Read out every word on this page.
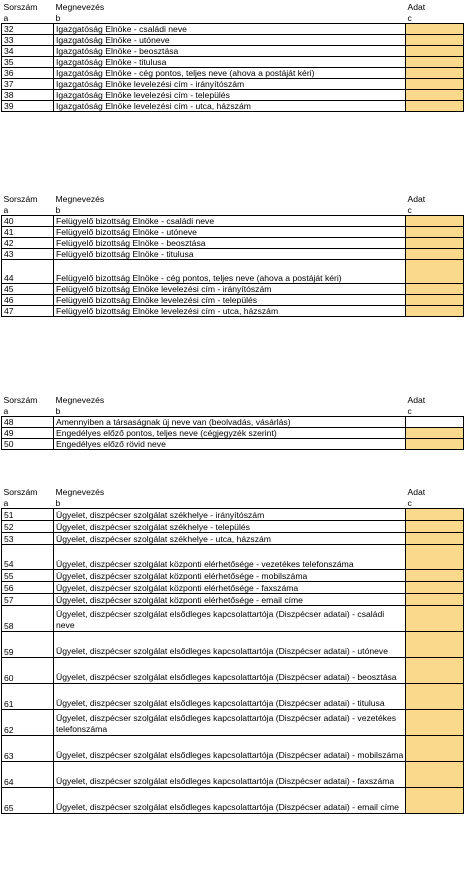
Sorszám	Megnevezés	Adat
a	b	c
32	Igazgatóság Elnöke - családi neve	
33	Igazgatóság Elnöke - utóneve	
34	Igazgatóság Elnöke - beosztása	
35	Igazgatóság Elnöke - titulusa	
36	Igazgatóság Elnöke - cég pontos, teljes neve (ahova a postáját kéri)	
37	Igazgatóság Elnöke levelezési cím - irányítószám	
38	Igazgatóság Elnöke levelezési cím - település	
39	Igazgatóság Elnöke levelezési cím - utca, házszám	
Sorszám	Megnevezés	Adat
a	b	c
40	Felügyelő bizottság Elnöke - családi neve	
41	Felügyelő bizottság Elnöke - utóneve	
42	Felügyelő bizottság Elnöke - beosztása	
43	Felügyelő bizottság Elnöke - titulusa	
44	Felügyelő bizottság Elnöke - cég pontos, teljes neve (ahova a postáját kéri)	
45	Felügyelő bizottság Elnöke levelezési cím - irányítószám	
46	Felügyelő bizottság Elnöke levelezési cím - település	
47	Felügyelő bizottság Elnöke levelezési cím - utca, házszám	
Sorszám	Megnevezés	Adat
a	b	c
48	Amennyiben a társaságnak új neve van (beolvadás, vásárlás)	
49	Engedélyes előző pontos, teljes neve (cégjegyzék szerint)	
50	Engedélyes előző rövid neve	
Sorszám	Megnevezés	Adat
a	b	c
51	Ügyelet, diszpécser szolgálat székhelye - irányítószám	
52	Ügyelet, diszpécser szolgálat székhelye - település	
53	Ügyelet, diszpécser szolgálat székhelye - utca, házszám	
54	Ügyelet, diszpécser szolgálat központi elérhetősége - vezetékes telefonszáma	
55	Ügyelet, diszpécser szolgálat központi elérhetősége - mobilszáma	
56	Ügyelet, diszpécser szolgálat központi elérhetősége - faxszáma	
57	Ügyelet, diszpécser szolgálat központi elérhetősége - email címe	
58	Ügyelet, diszpécser szolgálat elsődleges kapcsolattartója (Diszpécser adatai) - családi neve	
59	Ügyelet, diszpécser szolgálat elsődleges kapcsolattartója (Diszpécser adatai) - utóneve	
60	Ügyelet, diszpécser szolgálat elsődleges kapcsolattartója (Diszpécser adatai) - beosztása	
61	Ügyelet, diszpécser szolgálat elsődleges kapcsolattartója (Diszpécser adatai) - titulusa	
62	Ügyelet, diszpécser szolgálat elsődleges kapcsolattartója (Diszpécser adatai) - vezetékes telefonszáma	
63	Ügyelet, diszpécser szolgálat elsődleges kapcsolattartója (Diszpécser adatai) - mobilszáma	
64	Ügyelet, diszpécser szolgálat elsődleges kapcsolattartója (Diszpécser adatai) - faxszáma	
65	Ügyelet, diszpécser szolgálat elsődleges kapcsolattartója (Diszpécser adatai) - email címe	
